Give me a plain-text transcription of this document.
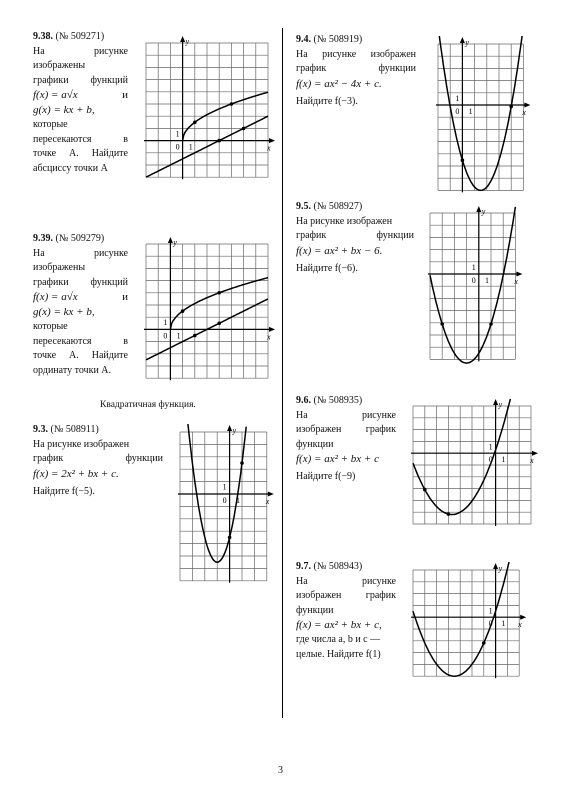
9.38. (№ 509271)
На рисунке
изображены
графики функций
f(x) = a√x	и
g(x) = kx + b,
которые
пересекаются в
точке A. Найдите
абсциссу точки A
y
x
0 1
1
9.39. (№ 509279)
На рисунке
изображены
графики функций
f(x) = a√x	и
g(x) = kx + b,
которые
пересекаются в
точке A. Найдите
ординату точки A.
y
x
0 1
1
Квадратичная функция.
9.3. (№ 508911)
На рисунке изображен
график функции
f(x) = 2x² + bx + c.
Найдите f(−5).
y
x
0 1
1
9.4. (№ 508919)
На рисунке изображен
график функции
f(x) = ax² − 4x + c.
Найдите f(−3).
y
x
0 1
1
9.5. (№ 508927)
На рисунке изображен
график функции
f(x) = ax² + bx − 6.
Найдите f(−6).
y
x
0 1
1
9.6. (№ 508935)
На рисунке
изображен график
функции
f(x) = ax² + bx + c
Найдите f(−9)
y
x
0 1
1
9.7. (№ 508943)
На рисунке
изображен график
функции
f(x) = ax² + bx + c,
где числа a, b и c —
целые. Найдите f(1)
y
x
0 1
1
3
